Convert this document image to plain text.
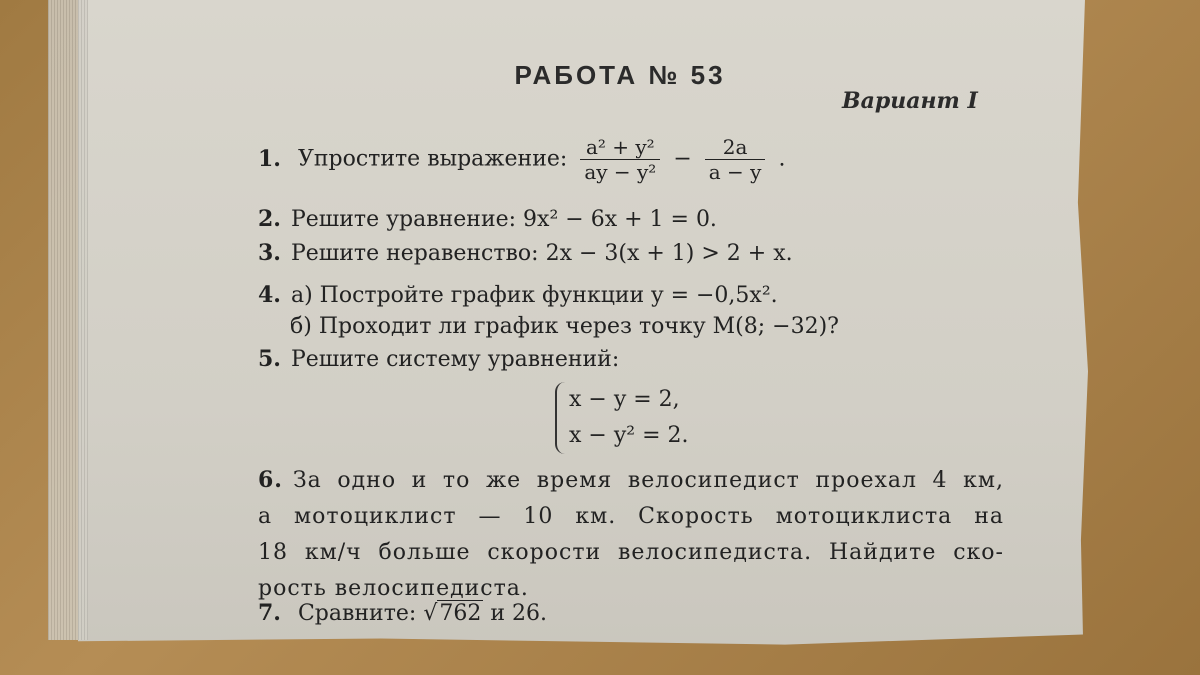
РАБОТА № 53
Вариант I
1. Упростите выражение: $\frac{\text{a² + y²}}{\text{ay − y²}} - \frac{2a}{a - y}$ .
2. Решите уравнение: 9x² − 6x + 1 = 0.
3. Решите неравенство: 2x − 3(x + 1) > 2 + x.
4. а) Постройте график функции y = −0,5x².
б) Проходит ли график через точку M(8; −32)?
5. Решите систему уравнений:
x − y = 2,
x − y² = 2.
6. За одно и то же время велосипедист проехал 4 км,
а мотоциклист — 10 км. Скорость мотоциклиста на
18 км/ч больше скорости велосипедиста. Найдите ско-
рость велосипедиста.
7. Сравните: √762 и 26.
